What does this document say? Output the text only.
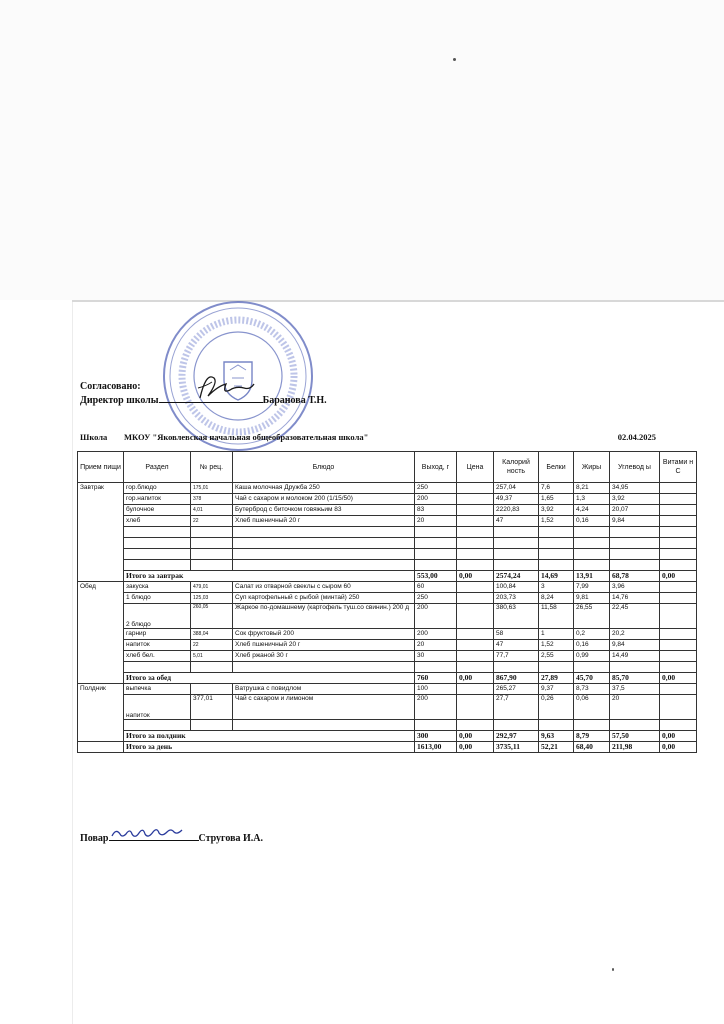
Согласовано:
Директор школы	Баранова Т.Н.
Школа МКОУ "Яковлевская начальная общеобразовательная школа"	02.04.2025
Прием пищи	Раздел	№ рец.	Блюдо	Выход, г	Цена	Калорий ность	Белки	Жиры	Углевод ы	Витами н С
Завтрак	гор.блюдо	175,01	Каша молочная Дружба 250	250		257,04	7,6	8,21	34,95	
	гор.напиток	378	Чай с сахаром и молоком 200 (1/15/50)	200		49,37	1,65	1,3	3,92	
	булочное	4,01	Бутерброд с биточком говяжьим 83	83		2220,83	3,92	4,24	20,07	
	хлеб	22	Хлеб пшеничный 20 г	20		47	1,52	0,16	9,84	

	Итого за завтрак			553,00	0,00	2574,24	14,69	13,91	68,78	0,00
Обед	закуска	479,01	Салат из отварной свеклы с сыром 60	60		100,84	3	7,99	3,96	
	1 блюдо	125,03	Суп картофельный с рыбой (минтай) 250	250		203,73	8,24	9,81	14,76	
	2 блюдо	260,05	Жаркое по-домашнему (картофель туш.со свинин.) 200 д	200		380,63	11,58	26,55	22,45	
	гарнир	388,04	Сок фруктовый 200	200		58	1	0,2	20,2	
	напиток	22	Хлеб пшеничный 20 г	20		47	1,52	0,16	9,84	
	хлеб бел.	5,01	Хлеб ржаной 30 г	30		77,7	2,55	0,99	14,49	

	Итого за обед			760	0,00	867,90	27,89	45,70	85,70	0,00
Полдник	выпечка		Ватрушка с повидлом	100		265,27	9,37	8,73	37,5	
	напиток	377,01	Чай с сахаром и лимоном	200		27,7	0,26	0,06	20	

	Итого за полдник			300	0,00	292,97	9,63	8,79	57,50	0,00
	Итого за день			1613,00	0,00	3735,11	52,21	68,40	211,98	0,00
Повар	Стругова И.А.
